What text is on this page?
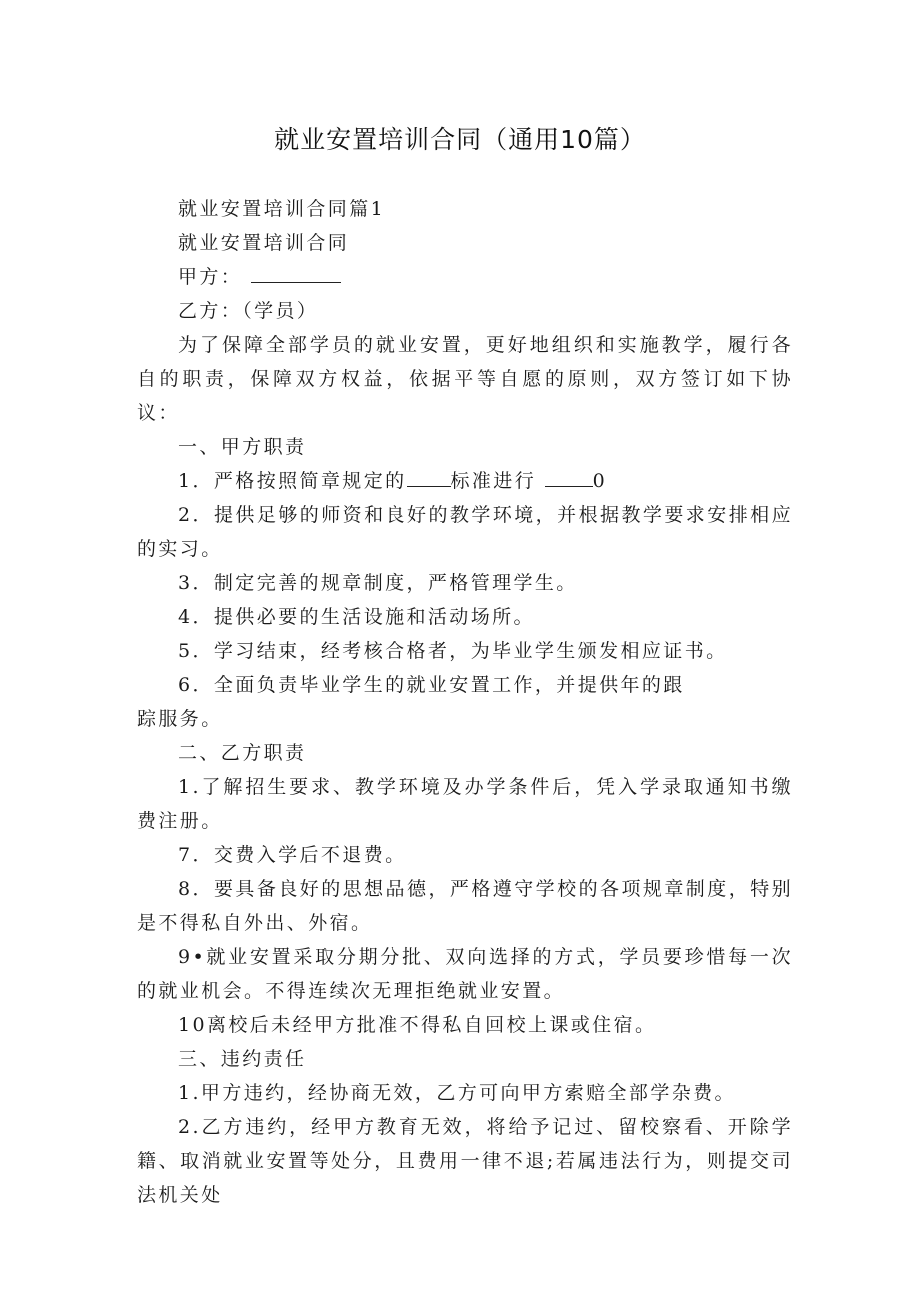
就业安置培训合同（通用10篇）

就业安置培训合同篇1

就业安置培训合同

甲方：

乙方：（学员）

为了保障全部学员的就业安置，更好地组织和实施教学，履行各自的职责，保障双方权益，依据平等自愿的原则，双方签订如下协议：

一、甲方职责

1．严格按照简章规定的 标准进行	0

2．提供足够的师资和良好的教学环境，并根据教学要求安排相应的实习。

3．制定完善的规章制度，严格管理学生。

4．提供必要的生活设施和活动场所。

5．学习结束，经考核合格者，为毕业学生颁发相应证书。

6．全面负责毕业学生的就业安置工作，并提供年的跟

踪服务。

二、乙方职责

1.了解招生要求、教学环境及办学条件后，凭入学录取通知书缴费注册。

7．交费入学后不退费。

8．要具备良好的思想品德，严格遵守学校的各项规章制度，特别是不得私自外出、外宿。

9•就业安置采取分期分批、双向选择的方式，学员要珍惜每一次的就业机会。不得连续次无理拒绝就业安置。

10离校后未经甲方批准不得私自回校上课或住宿。

三、违约责任

1.甲方违约，经协商无效，乙方可向甲方索赔全部学杂费。

2.乙方违约，经甲方教育无效，将给予记过、留校察看、开除学籍、取消就业安置等处分，且费用一律不退;若属违法行为，则提交司法机关处
